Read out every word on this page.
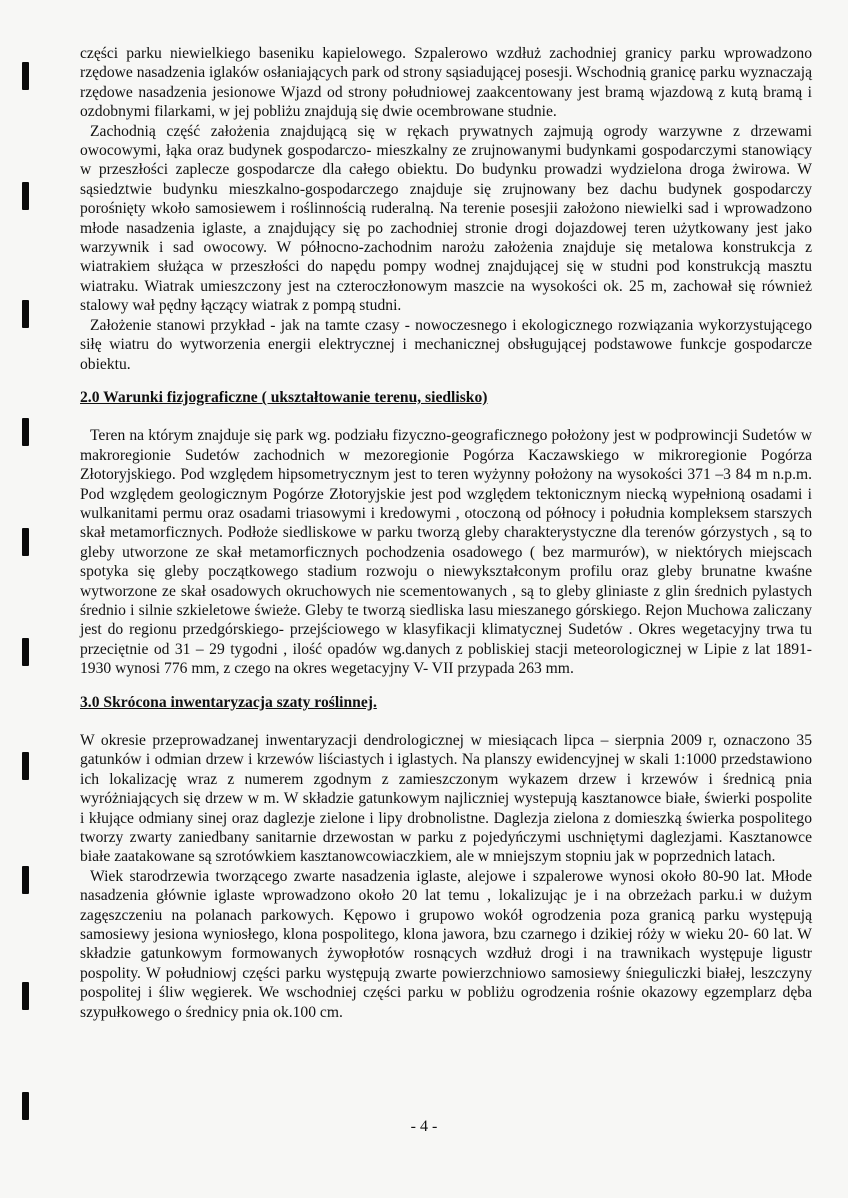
części parku niewielkiego baseniku kapielowego. Szpalerowo wzdłuż zachodniej granicy parku wprowadzono rzędowe nasadzenia iglaków osłaniających park od strony sąsiadującej posesji. Wschodnią granicę parku wyznaczają rzędowe nasadzenia jesionowe Wjazd od strony południowej zaakcentowany jest bramą wjazdową z kutą bramą i ozdobnymi filarkami, w jej pobliżu znajdują się dwie ocembrowane studnie.

Zachodnią część założenia znajdującą się w rękach prywatnych zajmują ogrody warzywne z drzewami owocowymi, łąka oraz budynek gospodarczo- mieszkalny ze zrujnowanymi budynkami gospodarczymi stanowiący w przeszłości zaplecze gospodarcze dla całego obiektu. Do budynku prowadzi wydzielona droga żwirowa. W sąsiedztwie budynku mieszkalno-gospodarczego znajduje się zrujnowany bez dachu budynek gospodarczy porośnięty wkoło samosiewem i roślinnością ruderalną. Na terenie posesjii założono niewielki sad i wprowadzono młode nasadzenia iglaste, a znajdujący się po zachodniej stronie drogi dojazdowej teren użytkowany jest jako warzywnik i sad owocowy. W północno-zachodnim narożu założenia znajduje się metalowa konstrukcja z wiatrakiem służąca w przeszłości do napędu pompy wodnej znajdującej się w studni pod konstrukcją masztu wiatraku. Wiatrak umieszczony jest na czteroczłonowym maszcie na wysokości ok. 25 m, zachował się również stalowy wał pędny łączący wiatrak z pompą studni.

Założenie stanowi przykład - jak na tamte czasy - nowoczesnego i ekologicznego rozwiązania wykorzystującego siłę wiatru do wytworzenia energii elektrycznej i mechanicznej obsługującej podstawowe funkcje gospodarcze obiektu.

2.0 Warunki fizjograficzne ( ukształtowanie terenu, siedlisko)

Teren na którym znajduje się park wg. podziału fizyczno-geograficznego położony jest w podprowincji Sudetów w makroregionie Sudetów zachodnich w mezoregionie Pogórza Kaczawskiego w mikroregionie Pogórza Złotoryjskiego. Pod względem hipsometrycznym jest to teren wyżynny położony na wysokości 371 –3 84 m n.p.m. Pod względem geologicznym Pogórze Złotoryjskie jest pod względem tektonicznym niecką wypełnioną osadami i wulkanitami permu oraz osadami triasowymi i kredowymi , otoczoną od północy i południa kompleksem starszych skał metamorficznych. Podłoże siedliskowe w parku tworzą gleby charakterystyczne dla terenów górzystych , są to gleby utworzone ze skał metamorficznych pochodzenia osadowego ( bez marmurów), w niektórych miejscach spotyka się gleby początkowego stadium rozwoju o niewykształconym profilu oraz gleby brunatne kwaśne wytworzone ze skał osadowych okruchowych nie scementowanych , są to gleby gliniaste z glin średnich pylastych średnio i silnie szkieletowe świeże. Gleby te tworzą siedliska lasu mieszanego górskiego. Rejon Muchowa zaliczany jest do regionu przedgórskiego- przejściowego w klasyfikacji klimatycznej Sudetów . Okres wegetacyjny trwa tu przeciętnie od 31 – 29 tygodni , ilość opadów wg.danych z pobliskiej stacji meteorologicznej w Lipie z lat 1891-1930 wynosi 776 mm, z czego na okres wegetacyjny V- VII przypada 263 mm.

3.0 Skrócona inwentaryzacja szaty roślinnej.

W okresie przeprowadzanej inwentaryzacji dendrologicznej w miesiącach lipca – sierpnia 2009 r, oznaczono 35 gatunków i odmian drzew i krzewów liściastych i iglastych. Na planszy ewidencyjnej w skali 1:1000 przedstawiono ich lokalizację wraz z numerem zgodnym z zamieszczonym wykazem drzew i krzewów i średnicą pnia wyróżniających się drzew w m. W składzie gatunkowym najliczniej wystepują kasztanowce białe, świerki pospolite i kłujące odmiany sinej oraz daglezje zielone i lipy drobnolistne. Daglezja zielona z domieszką świerka pospolitego tworzy zwarty zaniedbany sanitarnie drzewostan w parku z pojedyńczymi uschniętymi daglezjami. Kasztanowce białe zaatakowane są szrotówkiem kasztanowcowiaczkiem, ale w mniejszym stopniu jak w poprzednich latach.

Wiek starodrzewia tworzącego zwarte nasadzenia iglaste, alejowe i szpalerowe wynosi około 80-90 lat. Młode nasadzenia głównie iglaste wprowadzono około 20 lat temu , lokalizując je i na obrzeżach parku.i w dużym zagęszczeniu na polanach parkowych. Kępowo i grupowo wokół ogrodzenia poza granicą parku występują samosiewy jesiona wyniosłego, klona pospolitego, klona jawora, bzu czarnego i dzikiej róży w wieku 20- 60 lat. W składzie gatunkowym formowanych żywopłotów rosnących wzdłuż drogi i na trawnikach występuje ligustr pospolity. W południowj części parku występują zwarte powierzchniowo samosiewy śnieguliczki białej, leszczyny pospolitej i śliw węgierek. We wschodniej części parku w pobliżu ogrodzenia rośnie okazowy egzemplarz dęba szypułkowego o średnicy pnia ok.100 cm.

- 4 -
